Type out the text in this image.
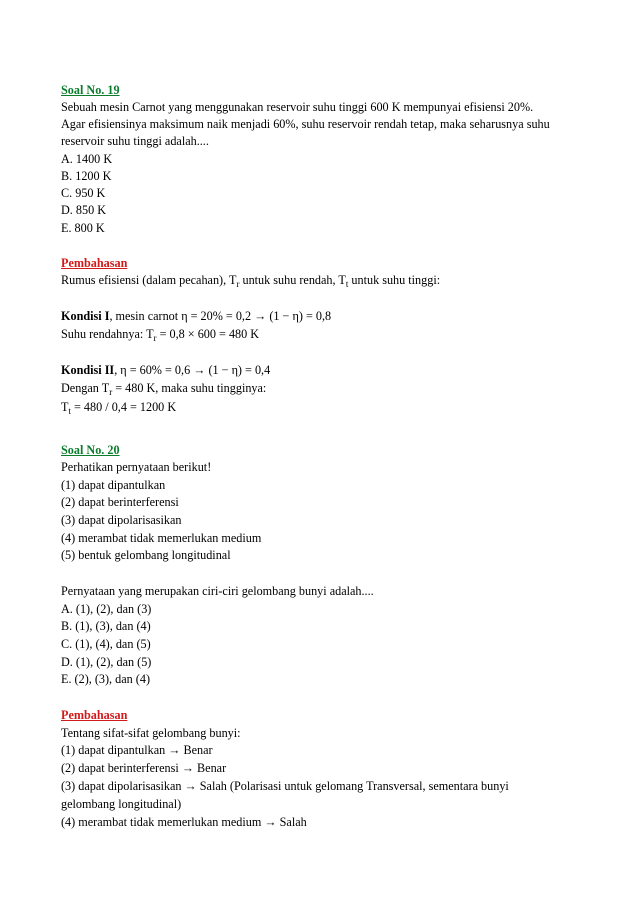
Soal No. 19
Sebuah mesin Carnot yang menggunakan reservoir suhu tinggi 600 K mempunyai efisiensi 20%.
Agar efisiensinya maksimum naik menjadi 60%, suhu reservoir rendah tetap, maka seharusnya suhu
reservoir suhu tinggi adalah....
A. 1400 K
B. 1200 K
C. 950 K
D. 850 K
E. 800 K
Pembahasan
Rumus efisiensi (dalam pecahan), $T_r$ untuk suhu rendah, $T_t$ untuk suhu tinggi:
Kondisi I, mesin carnot η = 20% = 0,2 → (1 − η) = 0,8
Suhu rendahnya: $T_r = 0,8 \times 600 = 480$ K
Kondisi II, η = 60% = 0,6 → (1 − η) = 0,4
Dengan $T_r = 480$ K, maka suhu tingginya:
$T_t = 480 / 0,4 = 1200$ K
Soal No. 20
Perhatikan pernyataan berikut!
(1) dapat dipantulkan
(2) dapat berinterferensi
(3) dapat dipolarisasikan
(4) merambat tidak memerlukan medium
(5) bentuk gelombang longitudinal
Pernyataan yang merupakan ciri-ciri gelombang bunyi adalah....
A. (1), (2), dan (3)
B. (1), (3), dan (4)
C. (1), (4), dan (5)
D. (1), (2), dan (5)
E. (2), (3), dan (4)
Pembahasan
Tentang sifat-sifat gelombang bunyi:
(1) dapat dipantulkan → Benar
(2) dapat berinterferensi → Benar
(3) dapat dipolarisasikan → Salah (Polarisasi untuk gelomang Transversal, sementara bunyi
gelombang longitudinal)
(4) merambat tidak memerlukan medium → Salah
